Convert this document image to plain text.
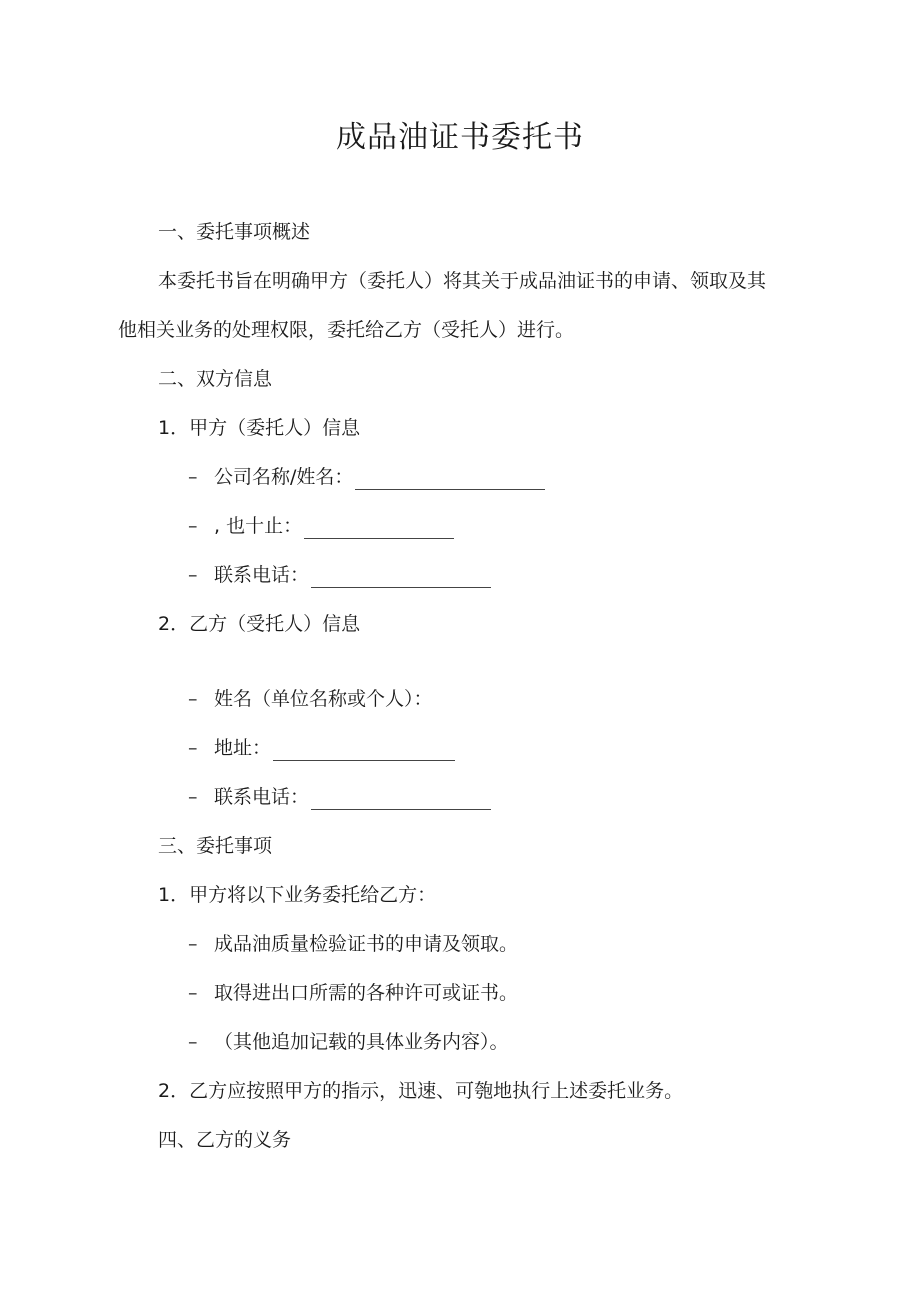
成品油证书委托书
一、委托事项概述
本委托书旨在明确甲方（委托人）将其关于成品油证书的申请、领取及其
他相关业务的处理权限，委托给乙方（受托人）进行。
二、双方信息
1．甲方（委托人）信息
– 公司名称/姓名：
– , 也十止：
– 联系电话：
2．乙方（受托人）信息
– 姓名（单位名称或个人）：
– 地址：
– 联系电话：
三、委托事项
1．甲方将以下业务委托给乙方：
– 成品油质量检验证书的申请及领取。
– 取得进出口所需的各种许可或证书。
– （其他追加记载的具体业务内容）。
2．乙方应按照甲方的指示，迅速、可匏地执行上述委托业务。
四、乙方的义务
